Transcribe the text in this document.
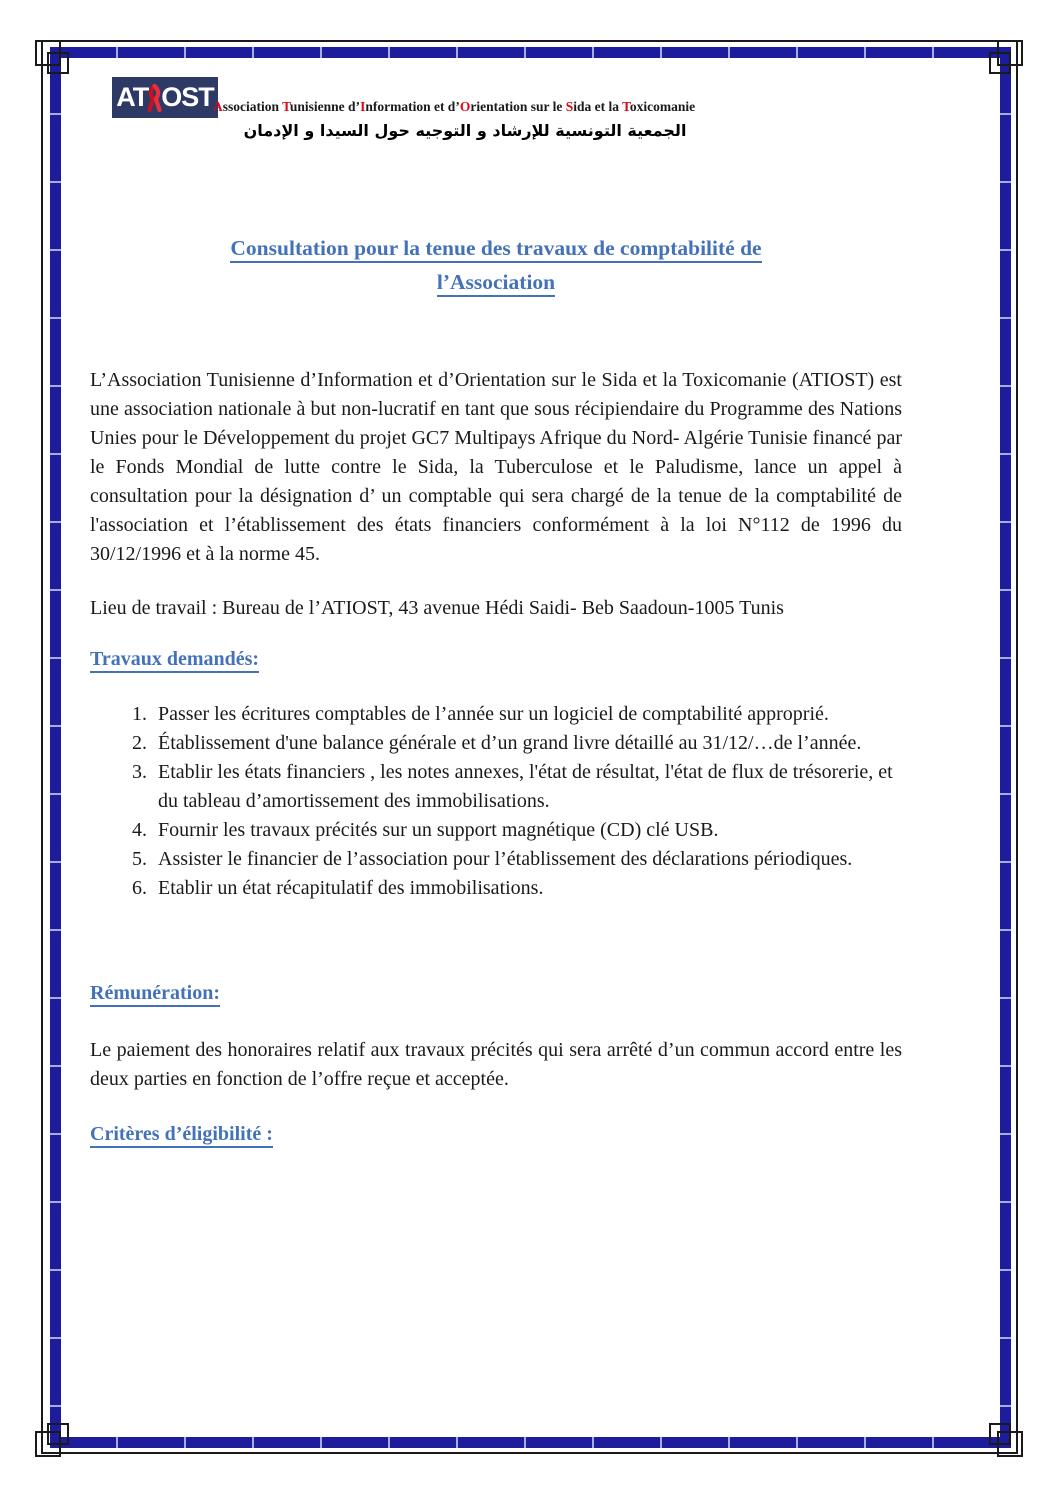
AT OST Association Tunisienne d’Information et d’Orientation sur le Sida et la Toxicomanie
الجمعية التونسية للإرشاد و التوجيه حول السيدا و الإدمان
Consultation pour la tenue des travaux de comptabilité de
l’Association

L’Association Tunisienne d’Information et d’Orientation sur le Sida et la Toxicomanie (ATIOST) est une association nationale à but non-lucratif en tant que sous récipiendaire du Programme des Nations Unies pour le Développement du projet GC7 Multipays Afrique du Nord- Algérie Tunisie financé par le Fonds Mondial de lutte contre le Sida, la Tuberculose et le Paludisme, lance un appel à consultation pour la désignation d’ un comptable qui sera chargé de la tenue de la comptabilité de l'association et l’établissement des états financiers conformément à la loi N°112 de 1996 du 30/12/1996 et à la norme 45.

Lieu de travail : Bureau de l’ATIOST, 43 avenue Hédi Saidi- Beb Saadoun-1005 Tunis

Travaux demandés:
1. Passer les écritures comptables de l’année sur un logiciel de comptabilité approprié.
2. Établissement d'une balance générale et d’un grand livre détaillé au 31/12/…de l’année.
3. Etablir les états financiers , les notes annexes, l'état de résultat, l'état de flux de trésorerie, et du tableau d’amortissement des immobilisations.
4. Fournir les travaux précités sur un support magnétique (CD) clé USB.
5. Assister le financier de l’association pour l’établissement des déclarations périodiques.
6. Etablir un état récapitulatif des immobilisations.
Rémunération:

Le paiement des honoraires relatif aux travaux précités qui sera arrêté d’un commun accord entre les deux parties en fonction de l’offre reçue et acceptée.

Critères d’éligibilité :
